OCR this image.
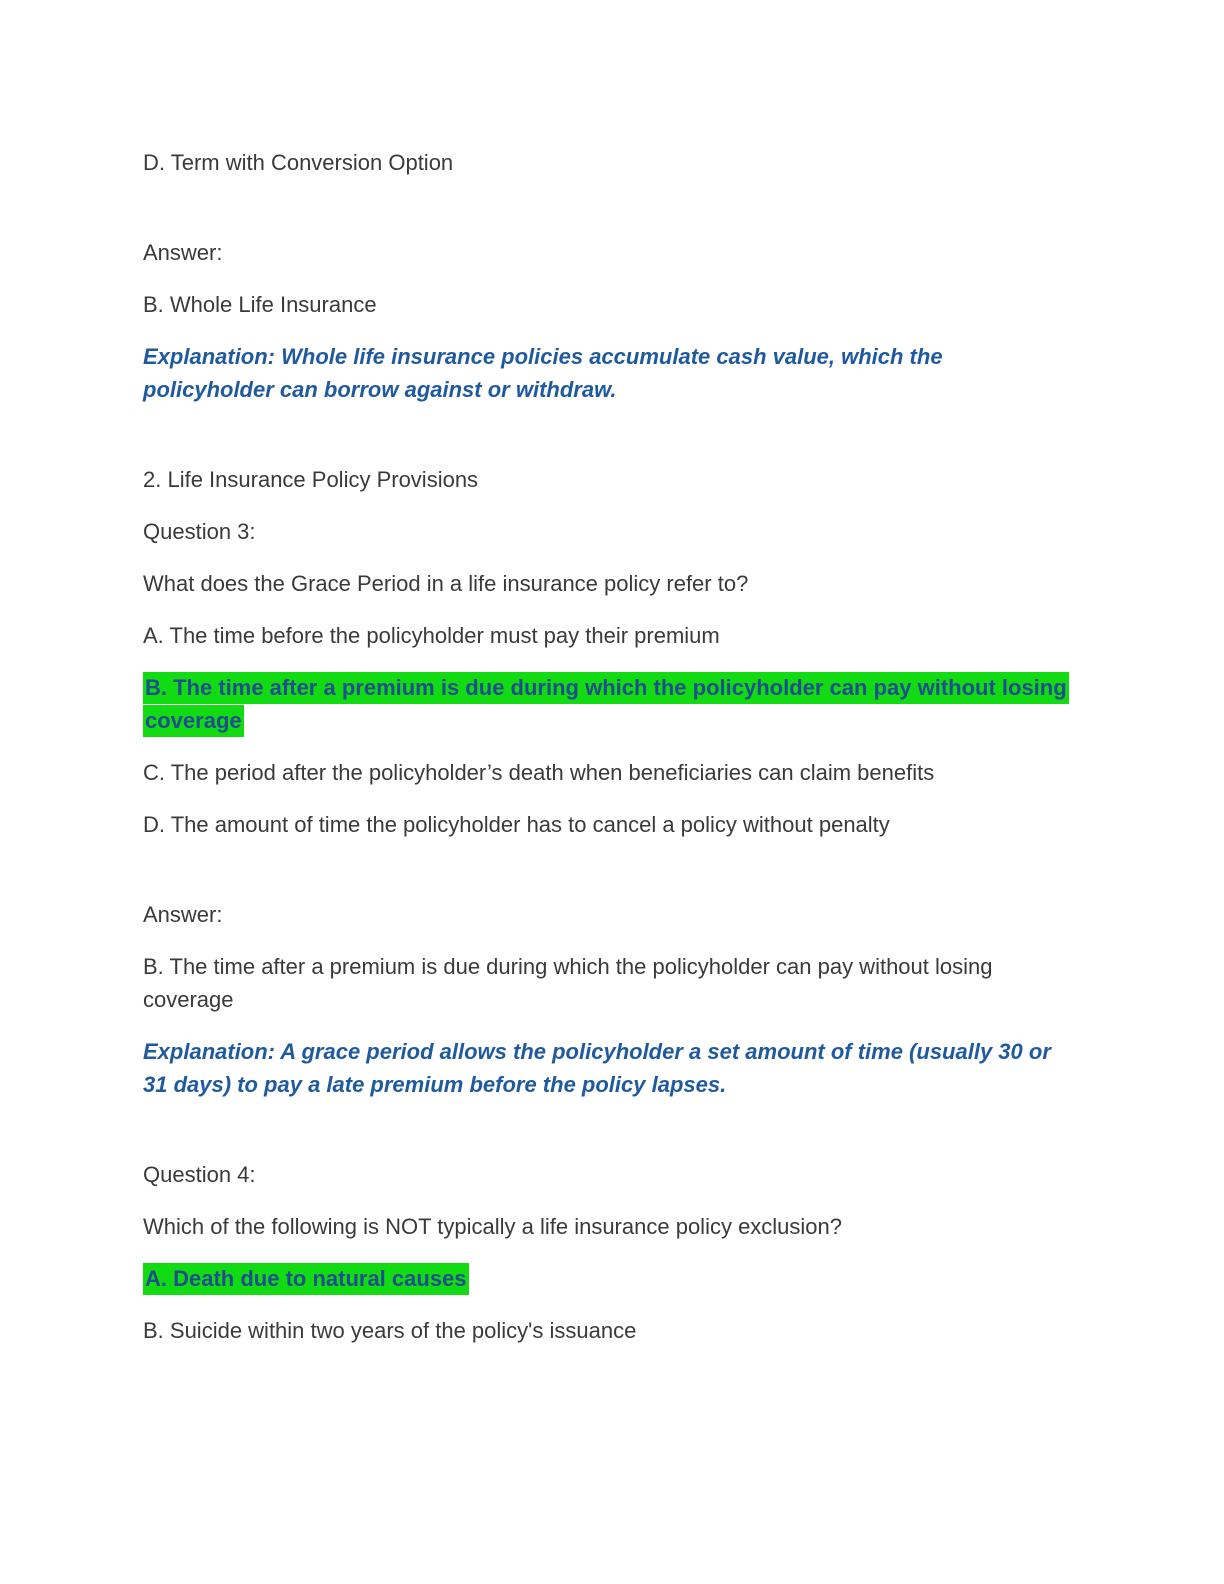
D. Term with Conversion Option

Answer:

B. Whole Life Insurance

Explanation: Whole life insurance policies accumulate cash value, which the policyholder can borrow against or withdraw.

2. Life Insurance Policy Provisions

Question 3:

What does the Grace Period in a life insurance policy refer to?

A. The time before the policyholder must pay their premium

B. The time after a premium is due during which the policyholder can pay without losing coverage

C. The period after the policyholder’s death when beneficiaries can claim benefits

D. The amount of time the policyholder has to cancel a policy without penalty

Answer:

B. The time after a premium is due during which the policyholder can pay without losing coverage

Explanation: A grace period allows the policyholder a set amount of time (usually 30 or 31 days) to pay a late premium before the policy lapses.

Question 4:

Which of the following is NOT typically a life insurance policy exclusion?

A. Death due to natural causes

B. Suicide within two years of the policy's issuance
